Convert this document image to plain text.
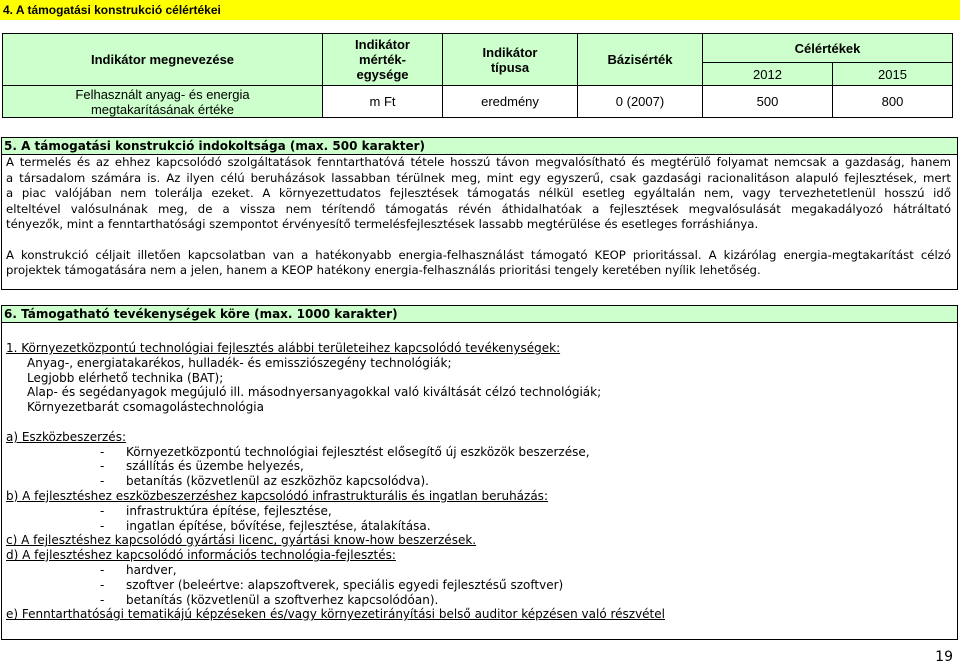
4. A támogatási konstrukció célértékei
Indikátor megnevezése	Indikátor
mérték-
egysége	Indikátor
típusa	Bázisérték	Célértékek	
				2012	2015

Felhasznált anyag- és energia
megtakarításának értéke	m Ft	eredmény	0 (2007)	500	800
5. A támogatási konstrukció indokoltsága (max. 500 karakter)
A termelés és az ehhez kapcsolódó szolgáltatások fenntarthatóvá tétele hosszú távon megvalósítható és megtérülő folyamat nemcsak a gazdaság, hanem
a társadalom számára is. Az ilyen célú beruházások lassabban térülnek meg, mint egy egyszerű, csak gazdasági racionalitáson alapuló fejlesztések, mert
a piac valójában nem tolerálja ezeket. A környezettudatos fejlesztések támogatás nélkül esetleg egyáltalán nem, vagy tervezhetetlenül hosszú idő
elteltével valósulnának meg, de a vissza nem térítendő támogatás révén áthidalhatóak a fejlesztések megvalósulását megakadályozó hátráltató
tényezők, mint a fenntarthatósági szempontot érvényesítő termelésfejlesztések lassabb megtérülése és esetleges forráshiánya.
A konstrukció céljait illetően kapcsolatban van a hatékonyabb energia-felhasználást támogató KEOP prioritással. A kizárólag energia-megtakarítást célzó
projektek támogatására nem a jelen, hanem a KEOP hatékony energia-felhasználás prioritási tengely keretében nyílik lehetőség.
6. Támogatható tevékenységek köre (max. 1000 karakter)
1. Környezetközpontú technológiai fejlesztés alábbi területeihez kapcsolódó tevékenységek:
Anyag-, energiatakarékos, hulladék- és emissziószegény technológiák;
Legjobb elérhető technika (BAT);
Alap- és segédanyagok megújuló ill. másodnyersanyagokkal való kiváltását célzó technológiák;
Környezetbarát csomagolástechnológia
a) Eszközbeszerzés:
- Környezetközpontú technológiai fejlesztést elősegítő új eszközök beszerzése,
- szállítás és üzembe helyezés,
- betanítás (közvetlenül az eszközhöz kapcsolódva).
b) A fejlesztéshez eszközbeszerzéshez kapcsolódó infrastrukturális és ingatlan beruházás:
- infrastruktúra építése, fejlesztése,
- ingatlan építése, bővítése, fejlesztése, átalakítása.
c) A fejlesztéshez kapcsolódó gyártási licenc, gyártási know-how beszerzések.
d) A fejlesztéshez kapcsolódó információs technológia-fejlesztés:
- hardver,
- szoftver (beleértve: alapszoftverek, speciális egyedi fejlesztésű szoftver)
- betanítás (közvetlenül a szoftverhez kapcsolódóan).
e) Fenntarthatósági tematikájú képzéseken és/vagy környezetirányítási belső auditor képzésen való részvétel
19
